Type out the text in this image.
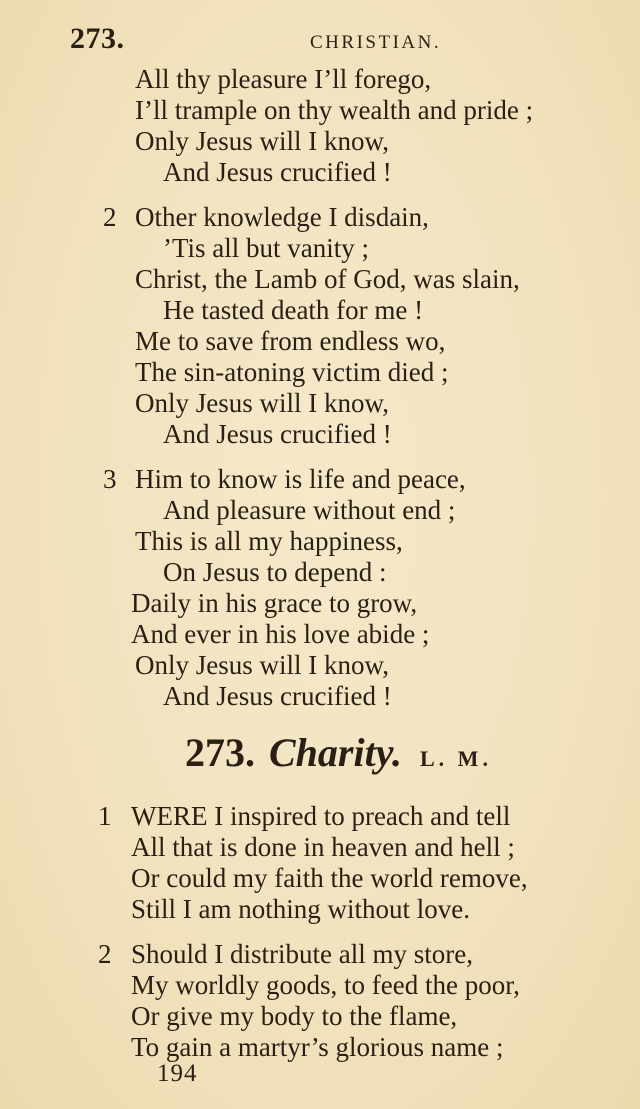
273.	CHRISTIAN.
All thy pleasure I’ll forego,
I’ll trample on thy wealth and pride ;
Only Jesus will I know,
And Jesus crucified !
2 Other knowledge I disdain,
’Tis all but vanity ;
Christ, the Lamb of God, was slain,
He tasted death for me !
Me to save from endless wo,
The sin-atoning victim died ;
Only Jesus will I know,
And Jesus crucified !
3 Him to know is life and peace,
And pleasure without end ;
This is all my happiness,
On Jesus to depend :
Daily in his grace to grow,
And ever in his love abide ;
Only Jesus will I know,
And Jesus crucified !
273. Charity. L. M.
1 WERE I inspired to preach and tell
All that is done in heaven and hell ;
Or could my faith the world remove,
Still I am nothing without love.
2 Should I distribute all my store,
My worldly goods, to feed the poor,
Or give my body to the flame,
To gain a martyr’s glorious name ;
194
